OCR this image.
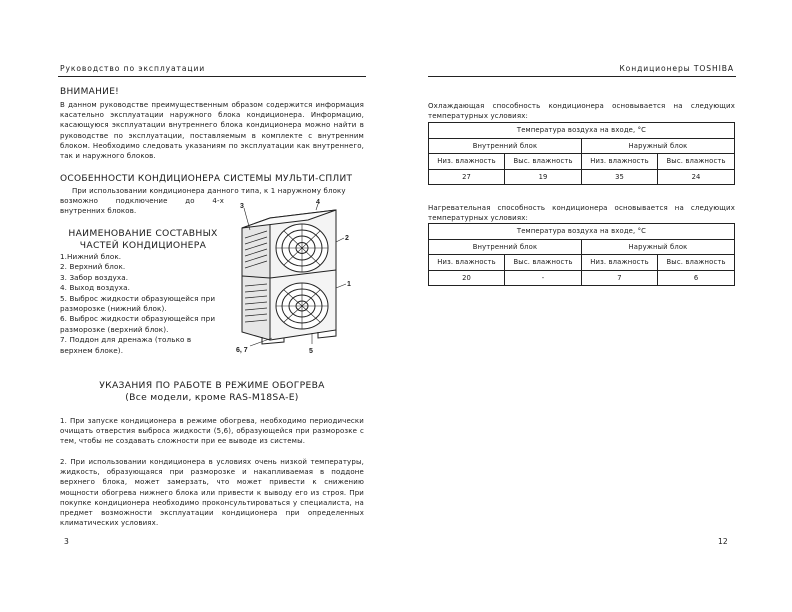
Руководство по эксплуатации
ВНИМАНИЕ!
В данном руководстве преимущественным образом содержится информация касательно эксплуатации наружного блока кондиционера. Информацию, касающуюся эксплуатации внутреннего блока кондиционера можно найти в руководстве по эксплуатации, поставляемым в комплекте с внутренним блоком. Необходимо следовать указаниям по эксплуатации как внутреннего, так и наружного блоков.
ОСОБЕННОСТИ КОНДИЦИОНЕРА СИСТЕМЫ МУЛЬТИ-СПЛИТ
При использовании кондиционера данного типа, к 1 наружному блоку
возможно подключение до 4-х
внутренних блоков.
НАИМЕНОВАНИЕ СОСТАВНЫХ
ЧАСТЕЙ КОНДИЦИОНЕРА
1.Нижний блок.
2. Верхний блок.
3. Забор воздуха.
4. Выход воздуха.
5. Выброс жидкости образующейся при разморозке (нижний блок).
6. Выброс жидкости образующейся при разморозке (верхний блок).
7. Поддон для дренажа (только в верхнем блоке).
4
3
2
1
6, 7	5
УКАЗАНИЯ ПО РАБОТЕ В РЕЖИМЕ ОБОГРЕВА
(Все модели, кроме RAS-M18SA-E)
1. При запуске кондиционера в режиме обогрева, необходимо периодически очищать отверстия выброса жидкости (5,6), образующейся при разморозке с тем, чтобы не создавать сложности при ее выводе из системы.
2. При использовании кондиционера в условиях очень низкой температуры, жидкость, образующаяся при разморозке и накапливаемая в поддоне верхнего блока, может замерзать, что может привести к снижению мощности обогрева нижнего блока или привести к выводу его из строя. При покупке кондиционера необходимо проконсультироваться у специалиста, на предмет возможности эксплуатации кондиционера при определенных климатических условиях.
3
Кондиционеры TOSHIBA
Охлаждающая способность кондиционера основывается на следующих температурных условиях:
Температура воздуха на входе, °С			
Внутренний блок		Наружный блок	
Низ. влажность	Выс. влажность	Низ. влажность	Выс. влажность
27	19	35	24
Нагревательная способность кондиционера основывается на следующих температурных условиях:
Температура воздуха на входе, °С			
Внутренний блок		Наружный блок	
Низ. влажность	Выс. влажность	Низ. влажность	Выс. влажность
20	-	7	6
12
